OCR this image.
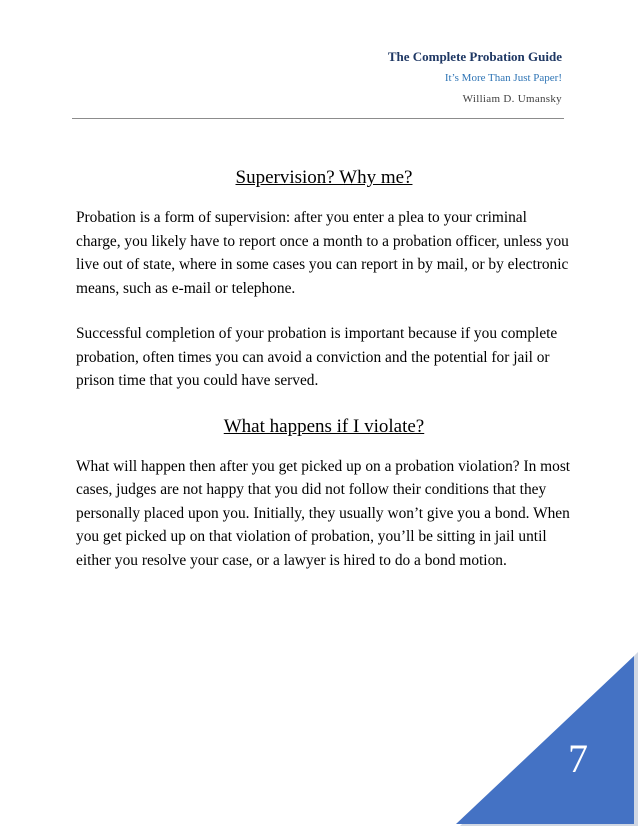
The Complete Probation Guide
It’s More Than Just Paper!
William D. Umansky
Supervision? Why me?

Probation is a form of supervision: after you enter a plea to your criminal charge, you likely have to report once a month to a probation officer, unless you live out of state, where in some cases you can report in by mail, or by electronic means, such as e-mail or telephone.

Successful completion of your probation is important because if you complete probation, often times you can avoid a conviction and the potential for jail or prison time that you could have served.

What happens if I violate?

What will happen then after you get picked up on a probation violation? In most cases, judges are not happy that you did not follow their conditions that they personally placed upon you. Initially, they usually won’t give you a bond. When you get picked up on that violation of probation, you’ll be sitting in jail until either you resolve your case, or a lawyer is hired to do a bond motion.

7
